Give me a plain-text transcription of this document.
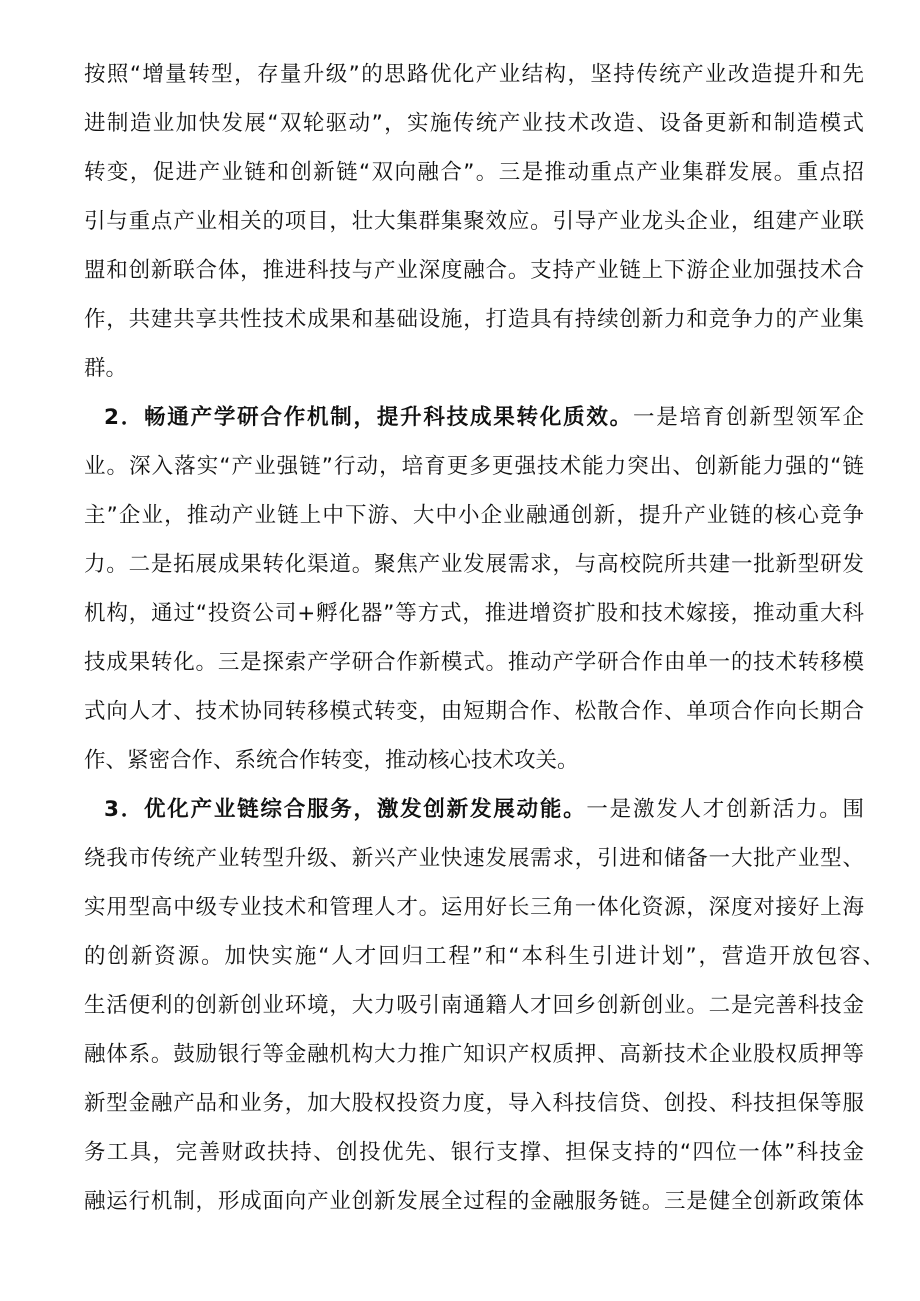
按照“增量转型，存量升级”的思路优化产业结构，坚持传统产业改造提升和先
进制造业加快发展“双轮驱动”，实施传统产业技术改造、设备更新和制造模式
转变，促进产业链和创新链“双向融合”。三是推动重点产业集群发展。重点招
引与重点产业相关的项目，壮大集群集聚效应。引导产业龙头企业，组建产业联
盟和创新联合体，推进科技与产业深度融合。支持产业链上下游企业加强技术合
作，共建共享共性技术成果和基础设施，打造具有持续创新力和竞争力的产业集
群。
2．畅通产学研合作机制，提升科技成果转化质效。一是培育创新型领军企
业。深入落实“产业强链”行动，培育更多更强技术能力突出、创新能力强的“链
主”企业，推动产业链上中下游、大中小企业融通创新，提升产业链的核心竞争
力。二是拓展成果转化渠道。聚焦产业发展需求，与高校院所共建一批新型研发
机构，通过“投资公司+孵化器”等方式，推进增资扩股和技术嫁接，推动重大科
技成果转化。三是探索产学研合作新模式。推动产学研合作由单一的技术转移模
式向人才、技术协同转移模式转变，由短期合作、松散合作、单项合作向长期合
作、紧密合作、系统合作转变，推动核心技术攻关。
3．优化产业链综合服务，激发创新发展动能。一是激发人才创新活力。围
绕我市传统产业转型升级、新兴产业快速发展需求，引进和储备一大批产业型、
实用型高中级专业技术和管理人才。运用好长三角一体化资源，深度对接好上海
的创新资源。加快实施“人才回归工程”和“本科生引进计划”，营造开放包容、
生活便利的创新创业环境，大力吸引南通籍人才回乡创新创业。二是完善科技金
融体系。鼓励银行等金融机构大力推广知识产权质押、高新技术企业股权质押等
新型金融产品和业务，加大股权投资力度，导入科技信贷、创投、科技担保等服
务工具，完善财政扶持、创投优先、银行支撑、担保支持的“四位一体”科技金
融运行机制，形成面向产业创新发展全过程的金融服务链。三是健全创新政策体
